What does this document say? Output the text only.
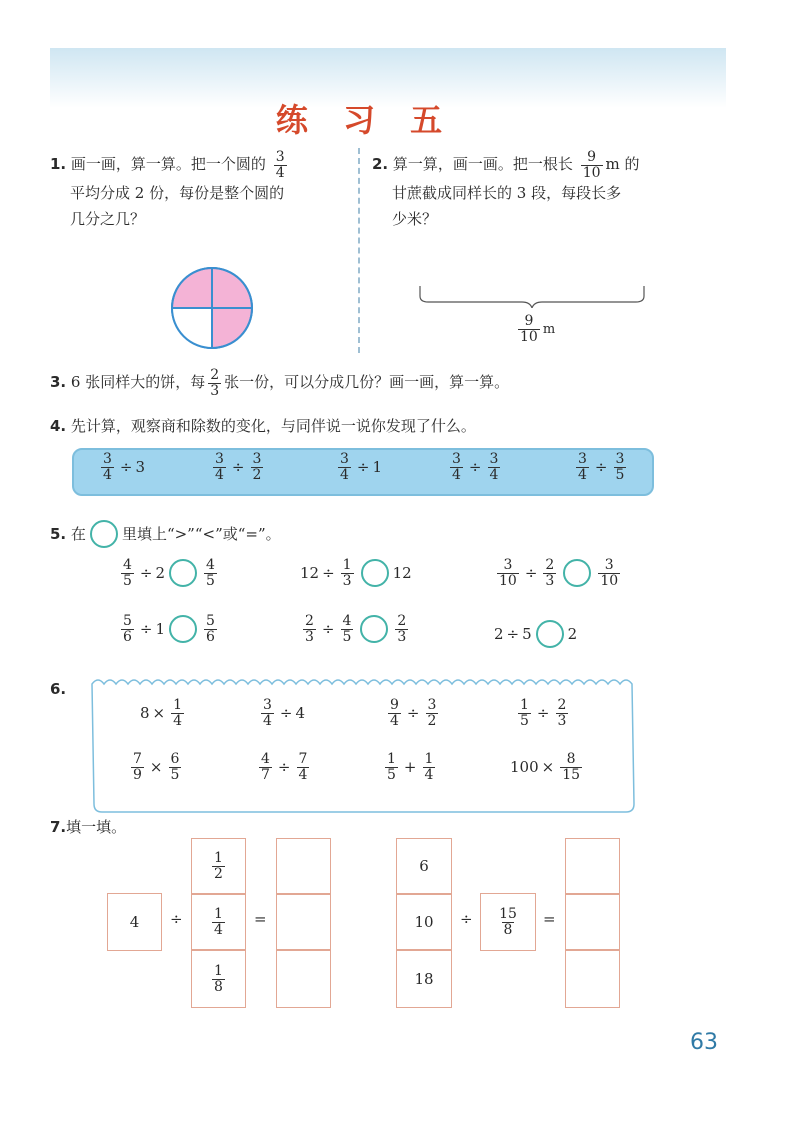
练 习 五
1. 画一画，算一算。把一个圆的 $\frac{3}{4}$
平均分成 2 份，每份是整个圆的
几分之几？
2. 算一算，画一画。把一根长 $\frac{9}{10}$ m 的
甘蔗截成同样长的 3 段，每段长多
少米？
$\frac{9}{10}$ m
3. 6 张同样大的饼，每 $\frac{2}{3}$ 张一份，可以分成几份？画一画，算一算。
4. 先计算，观察商和除数的变化，与同伴说一说你发现了什么。
$\frac{3}{4} \div 3$	$\frac{3}{4} \div \frac{3}{2}$	$\frac{3}{4} \div 1$	$\frac{3}{4} \div \frac{3}{4}$	$\frac{3}{4} \div \frac{3}{5}$
5.
在 里填上“>”“<”或“=”。
$\frac{4}{5} \div 2$	$\frac{4}{5}$	$12 \div \frac{1}{3}$	12	$\frac{3}{10} \div \frac{2}{3}$	$\frac{3}{10}$
$\frac{5}{6} \div 1$	$\frac{5}{6}$	$\frac{2}{3} \div \frac{4}{5}$	$\frac{2}{3}$	2 ÷ 5 2
6.
$8 \times \frac{1}{4}$	$\frac{3}{4} \div 4$	$\frac{9}{4} \div \frac{3}{2}$	$\frac{1}{5} \div \frac{2}{3}$
$\frac{7}{9} \times \frac{6}{5}$	$\frac{4}{7} \div \frac{7}{4}$	$\frac{1}{5} + \frac{1}{4}$	$100 \times \frac{8}{15}$
7.填一填。
4	÷
$\frac{1}{2}$
$\frac{1}{4}$
$\frac{1}{8}$
=
6
10
18
÷ $\frac{15}{8}$ =
63
